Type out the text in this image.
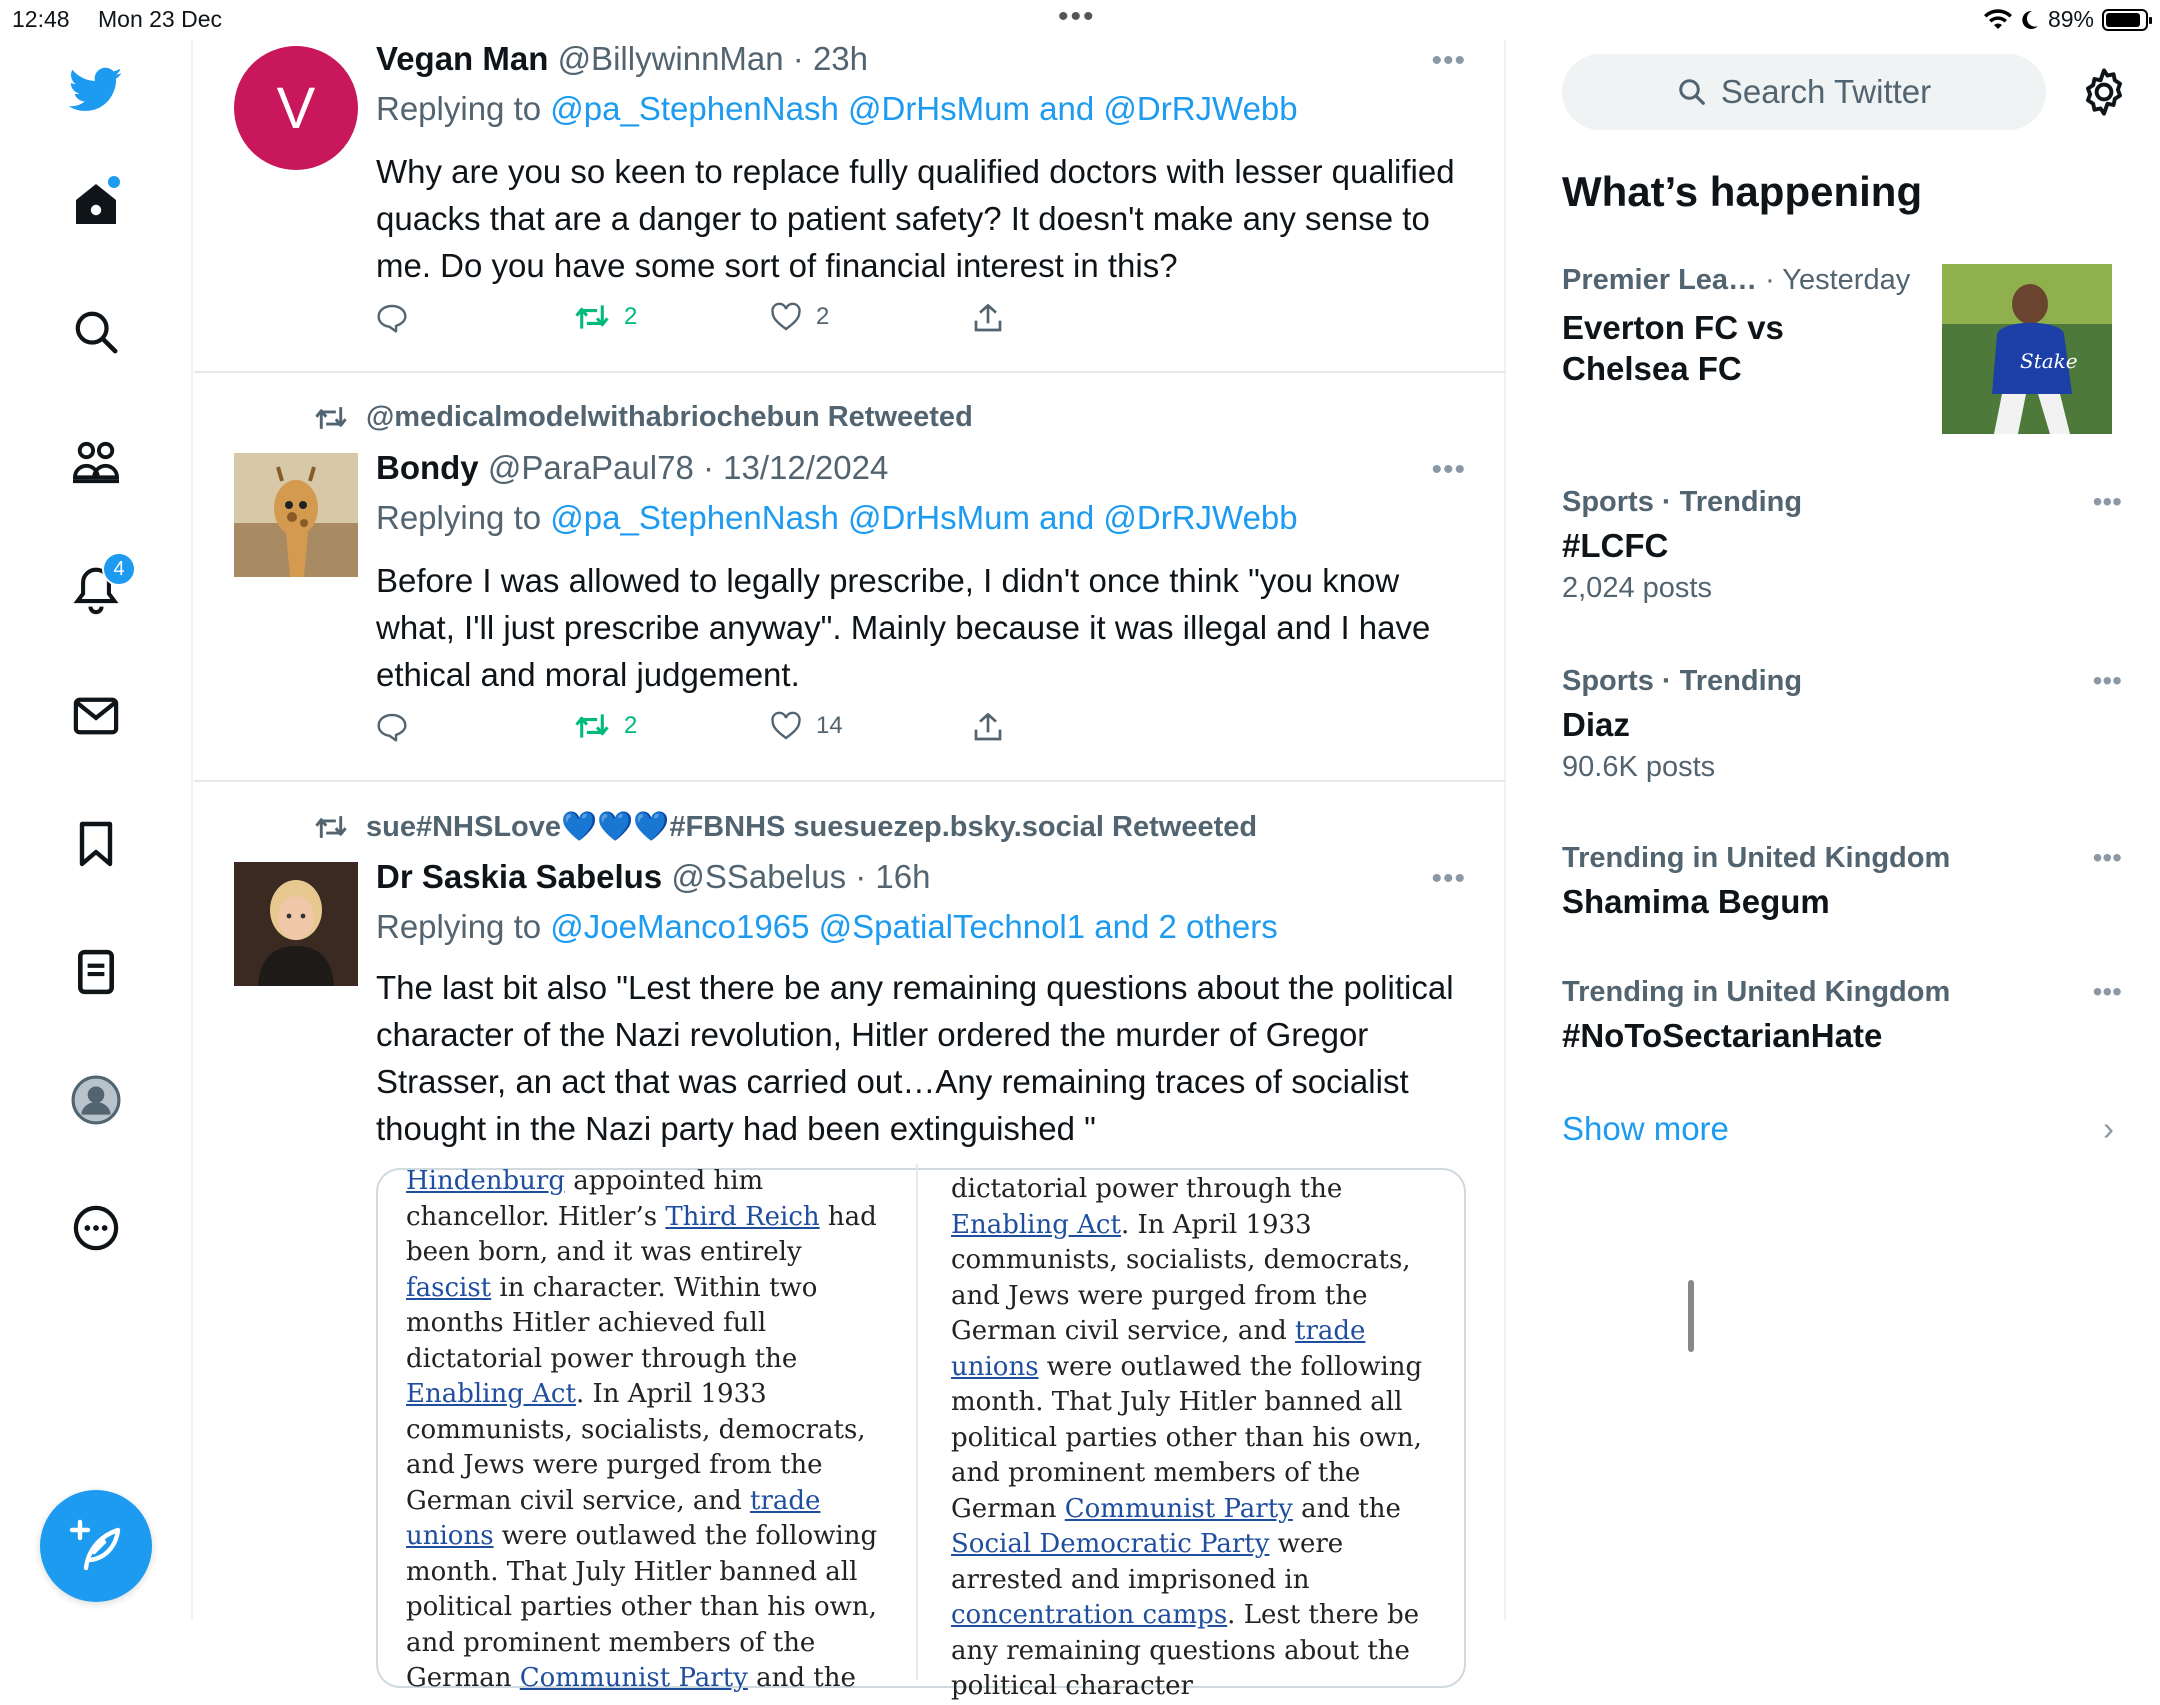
12:48 Mon 23 Dec	•••	89%
4
V
Vegan Man @BillywinnMan · 23h	•••
Replying to @pa_StephenNash @DrHsMum and @DrRJWebb
Why are you so keen to replace fully qualified doctors with lesser qualified quacks that are a danger to patient safety? It doesn't make any sense to me. Do you have some sort of financial interest in this?
2	2
@medicalmodelwithabriochebun Retweeted
Bondy @ParaPaul78 · 13/12/2024	•••
Replying to @pa_StephenNash @DrHsMum and @DrRJWebb
Before I was allowed to legally prescribe, I didn't once think "you know what, I'll just prescribe anyway". Mainly because it was illegal and I have ethical and moral judgement.
2	14
sue#NHSLove💙💙💙#FBNHS suesuezep.bsky.social Retweeted
Dr Saskia Sabelus @SSabelus · 16h	•••
Replying to @JoeManco1965 @SpatialTechnol1 and 2 others
The last bit also "Lest there be any remaining questions about the political character of the Nazi revolution, Hitler ordered the murder of Gregor Strasser, an act that was carried out…Any remaining traces of socialist thought in the Nazi party had been extinguished "
Hindenburg appointed him chancellor. Hitler’s Third Reich had been born, and it was entirely fascist in character. Within two months Hitler achieved full dictatorial power through the Enabling Act. In April 1933 communists, socialists, democrats, and Jews were purged from the German civil service, and trade unions were outlawed the following month. That July Hitler banned all political parties other than his own, and prominent members of the German Communist Party and the
dictatorial power through the Enabling Act. In April 1933 communists, socialists, democrats, and Jews were purged from the German civil service, and trade unions were outlawed the following month. That July Hitler banned all political parties other than his own, and prominent members of the German Communist Party and the Social Democratic Party were arrested and imprisoned in concentration camps. Lest there be any remaining questions about the political character
Search Twitter
What’s happening
Premier Lea… · Yesterday
Everton FC vs Chelsea FC	Stake
Sports · Trending	•••
#LCFC
2,024 posts
Sports · Trending	•••
Diaz
90.6K posts
Trending in United Kingdom	•••
Shamima Begum
Trending in United Kingdom	•••
#NoToSectarianHate
Show more	›
